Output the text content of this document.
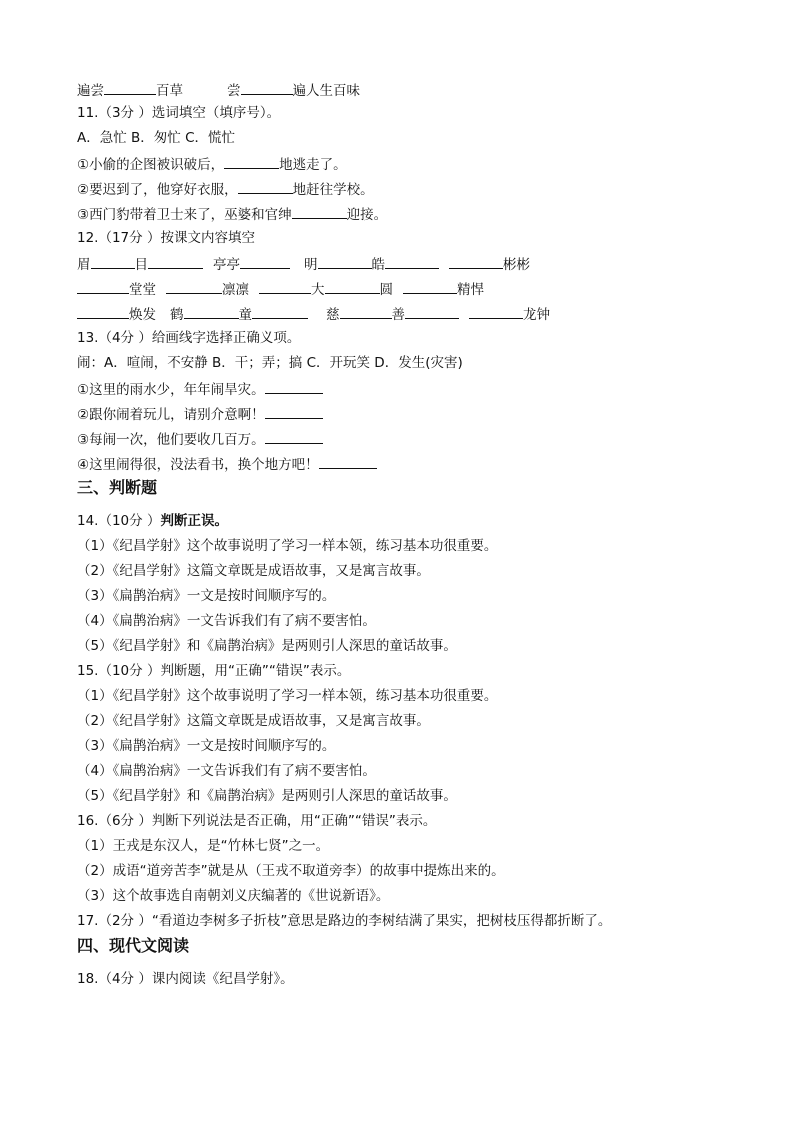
遍尝	百草	尝	遍人生百味
11.（3分 ）选词填空（填序号）。
A．急忙 B．匆忙 C．慌忙
①小偷的企图被识破后，	地逃走了。
②要迟到了，他穿好衣服，	地赶往学校。
③西门豹带着卫士来了，巫婆和官绅	迎接。
12.（17分 ）按课文内容填空
眉	目	亭亭	明	皓	彬彬
堂堂	凛凛	大	圆	精悍
焕发 鹤	童	慈	善	龙钟
13.（4分 ）给画线字选择正确义项。
闹：A．喧闹，不安静 B．干；弄；搞 C．开玩笑 D．发生(灾害)
①这里的雨水少，年年闹旱灾。
②跟你闹着玩儿，请别介意啊！
③每闹一次，他们要收几百万。
④这里闹得很，没法看书，换个地方吧！
三、判断题
14.（10分 ）判断正误。
（1）《纪昌学射》这个故事说明了学习一样本领，练习基本功很重要。
（2）《纪昌学射》这篇文章既是成语故事，又是寓言故事。
（3）《扁鹊治病》一文是按时间顺序写的。
（4）《扁鹊治病》一文告诉我们有了病不要害怕。
（5）《纪昌学射》和《扁鹊治病》是两则引人深思的童话故事。
15.（10分 ）判断题，用“正确”“错误”表示。
（1）《纪昌学射》这个故事说明了学习一样本领，练习基本功很重要。
（2）《纪昌学射》这篇文章既是成语故事，又是寓言故事。
（3）《扁鹊治病》一文是按时间顺序写的。
（4）《扁鹊治病》一文告诉我们有了病不要害怕。
（5）《纪昌学射》和《扁鹊治病》是两则引人深思的童话故事。
16.（6分 ）判断下列说法是否正确，用“正确”“错误”表示。
（1）王戎是东汉人，是“竹林七贤”之一。
（2）成语“道旁苦李”就是从（王戎不取道旁李）的故事中提炼出来的。
（3）这个故事选自南朝刘义庆编著的《世说新语》。
17.（2分 ）“看道边李树多子折枝”意思是路边的李树结满了果实，把树枝压得都折断了。
四、现代文阅读
18.（4分 ）课内阅读《纪昌学射》。
